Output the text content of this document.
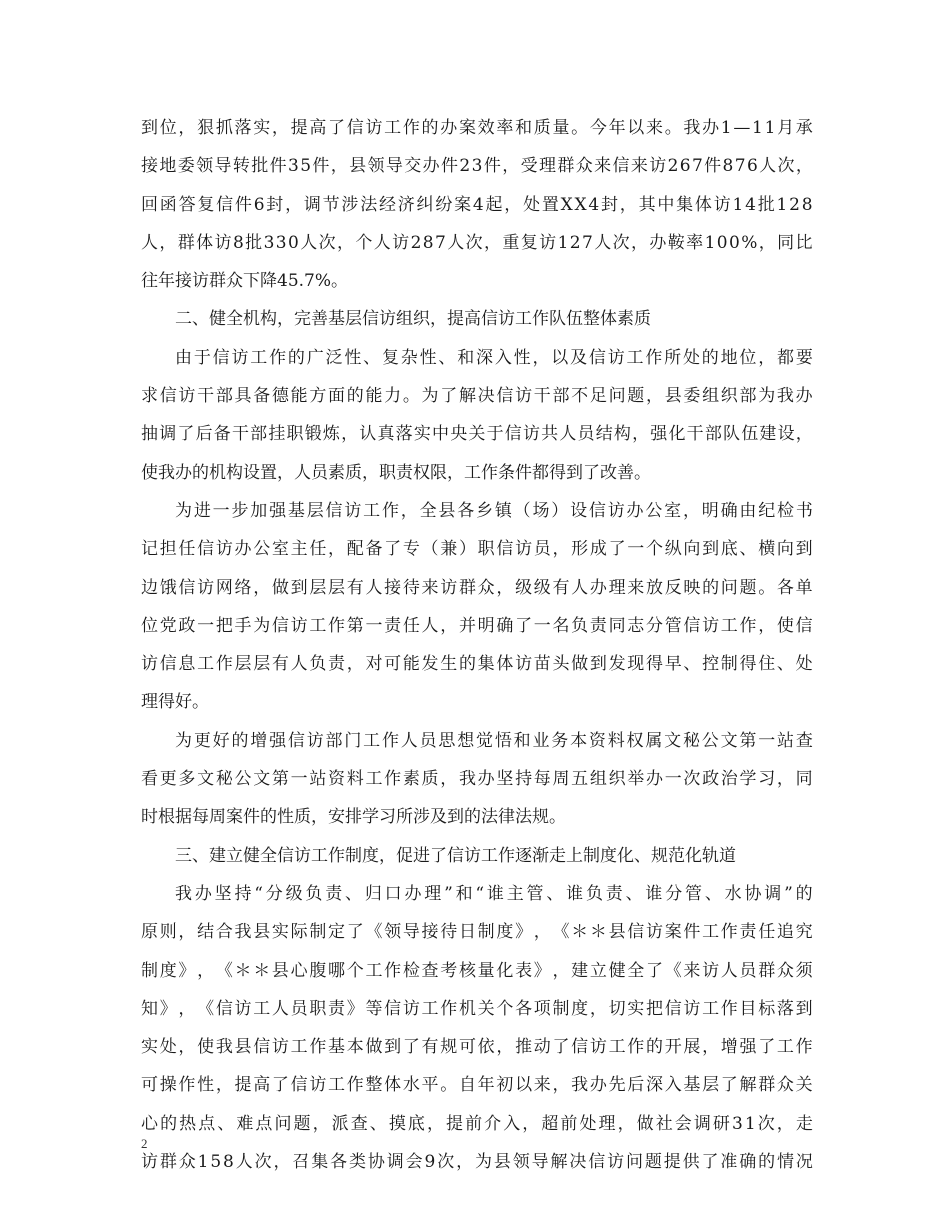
到 位 ， 狠 抓 落 实 ， 提 高 了 信 访 工 作 的 办 案 效 率 和 质 量 。 今 年 以 来 。 我 办 1 — 1 1 月 承
接 地 委 领 导 转 批 件 3 5 件 ， 县 领 导 交 办 件 2 3 件 ， 受 理 群 众 来 信 来 访 2 6 7 件 8 7 6 人 次 ，
回 函 答 复 信 件 6 封 ， 调 节 涉 法 经 济 纠 纷 案 4 起 ， 处 置 X X 4 封 ， 其 中 集 体 访 1 4 批 1 2 8
人 ， 群 体 访 8 批 3 3 0 人 次 ， 个 人 访 2 8 7 人 次 ， 重 复 访 1 2 7 人 次 ， 办 鞍 率 1 0 0 % ， 同 比
往年接访群众下降45.7%。
二、健全机构，完善基层信访组织，提高信访工作队伍整体素质
由 于 信 访 工 作 的 广 泛 性 、 复 杂 性 、 和 深 入 性 ， 以 及 信 访 工 作 所 处 的 地 位 ， 都 要
求 信 访 干 部 具 备 德 能 方 面 的 能 力 。 为 了 解 决 信 访 干 部 不 足 问 题 ， 县 委 组 织 部 为 我 办
抽 调 了 后 备 干 部 挂 职 锻 炼 ， 认 真 落 实 中 央 关 于 信 访 共 人 员 结 构 ， 强 化 干 部 队 伍 建 设 ，
使我办的机构设置，人员素质，职责权限，工作条件都得到了改善。
为 进 一 步 加 强 基 层 信 访 工 作 ， 全 县 各 乡 镇 （ 场 ） 设 信 访 办 公 室 ， 明 确 由 纪 检 书
记 担 任 信 访 办 公 室 主 任 ， 配 备 了 专 （ 兼 ） 职 信 访 员 ， 形 成 了 一 个 纵 向 到 底 、 横 向 到
边 饿 信 访 网 络 ， 做 到 层 层 有 人 接 待 来 访 群 众 ， 级 级 有 人 办 理 来 放 反 映 的 问 题 。 各 单
位 党 政 一 把 手 为 信 访 工 作 第 一 责 任 人 ， 并 明 确 了 一 名 负 责 同 志 分 管 信 访 工 作 ， 使 信
访 信 息 工 作 层 层 有 人 负 责 ， 对 可 能 发 生 的 集 体 访 苗 头 做 到 发 现 得 早 、 控 制 得 住 、 处
理得好。
为 更 好 的 增 强 信 访 部 门 工 作 人 员 思 想 觉 悟 和 业 务 本 资 料 权 属 文 秘 公 文 第 一 站 查
看 更 多 文 秘 公 文 第 一 站 资 料 工 作 素 质 ， 我 办 坚 持 每 周 五 组 织 举 办 一 次 政 治 学 习 ， 同
时根据每周案件的性质，安排学习所涉及到的法律法规。
三、建立健全信访工作制度，促进了信访工作逐渐走上制度化、规范化轨道
我 办 坚 持 “ 分 级 负 责 、 归 口 办 理 ” 和 “ 谁 主 管 、 谁 负 责 、 谁 分 管 、 水 协 调 ” 的
原 则 ， 结 合 我 县 实 际 制 定 了 《 领 导 接 待 日 制 度 》 ， 《 ＊ ＊ 县 信 访 案 件 工 作 责 任 追 究
制 度 》 ， 《 ＊ ＊ 县 心 腹 哪 个 工 作 检 查 考 核 量 化 表 》 ， 建 立 健 全 了 《 来 访 人 员 群 众 须
知 》 ， 《 信 访 工 人 员 职 责 》 等 信 访 工 作 机 关 个 各 项 制 度 ， 切 实 把 信 访 工 作 目 标 落 到
实 处 ， 使 我 县 信 访 工 作 基 本 做 到 了 有 规 可 依 ， 推 动 了 信 访 工 作 的 开 展 ， 增 强 了 工 作
可 操 作 性 ， 提 高 了 信 访 工 作 整 体 水 平 。 自 年 初 以 来 ， 我 办 先 后 深 入 基 层 了 解 群 众 关
心 的 热 点 、 难 点 问 题 ， 派 查 、 摸 底 ， 提 前 介 入 ， 超 前 处 理 ， 做 社 会 调 研 3 1 次 ， 走
访 群 众 1 5 8 人 次 ， 召 集 各 类 协 调 会 9 次 ， 为 县 领 导 解 决 信 访 问 题 提 供 了 准 确 的 情 况
2
